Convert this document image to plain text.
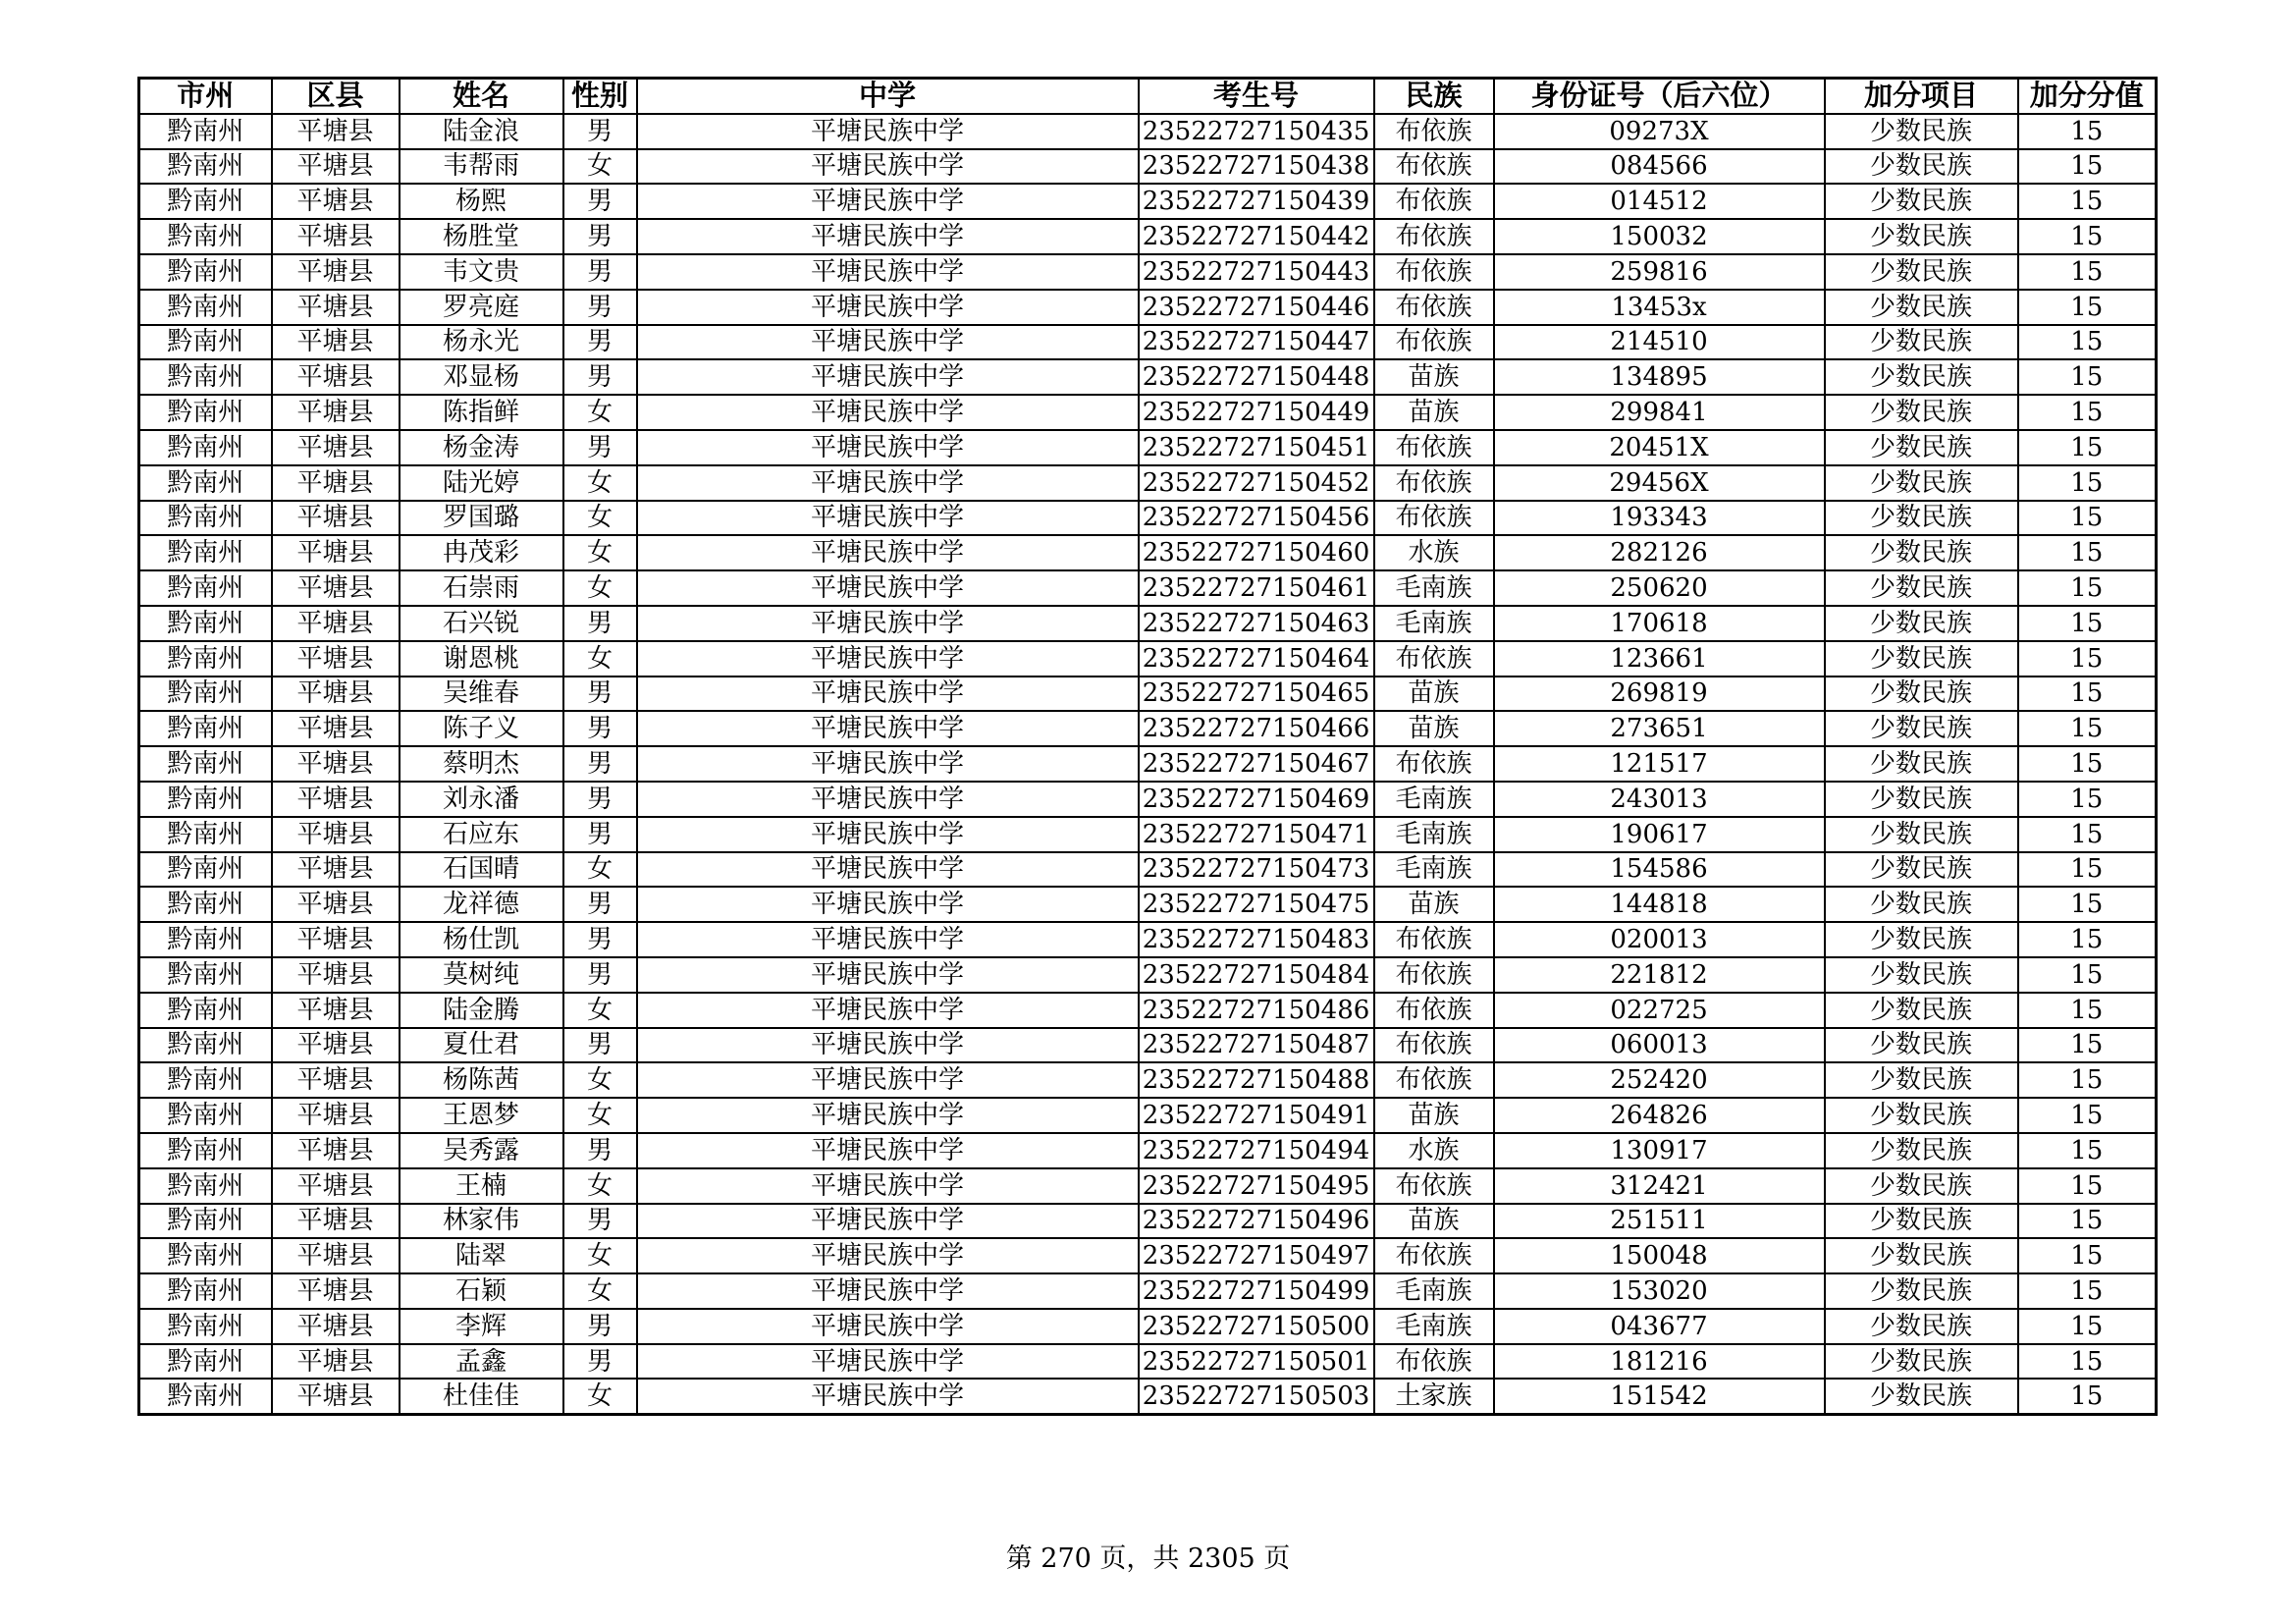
市州	区县	姓名	性别	中学	考生号	民族	身份证号（后六位）	加分项目	加分分值
黔南州	平塘县	陆金浪	男	平塘民族中学	23522727150435	布依族	09273X	少数民族	15
黔南州	平塘县	韦帮雨	女	平塘民族中学	23522727150438	布依族	084566	少数民族	15
黔南州	平塘县	杨熙	男	平塘民族中学	23522727150439	布依族	014512	少数民族	15
黔南州	平塘县	杨胜堂	男	平塘民族中学	23522727150442	布依族	150032	少数民族	15
黔南州	平塘县	韦文贵	男	平塘民族中学	23522727150443	布依族	259816	少数民族	15
黔南州	平塘县	罗亮庭	男	平塘民族中学	23522727150446	布依族	13453x	少数民族	15
黔南州	平塘县	杨永光	男	平塘民族中学	23522727150447	布依族	214510	少数民族	15
黔南州	平塘县	邓显杨	男	平塘民族中学	23522727150448	苗族	134895	少数民族	15
黔南州	平塘县	陈指鲜	女	平塘民族中学	23522727150449	苗族	299841	少数民族	15
黔南州	平塘县	杨金涛	男	平塘民族中学	23522727150451	布依族	20451X	少数民族	15
黔南州	平塘县	陆光婷	女	平塘民族中学	23522727150452	布依族	29456X	少数民族	15
黔南州	平塘县	罗国璐	女	平塘民族中学	23522727150456	布依族	193343	少数民族	15
黔南州	平塘县	冉茂彩	女	平塘民族中学	23522727150460	水族	282126	少数民族	15
黔南州	平塘县	石崇雨	女	平塘民族中学	23522727150461	毛南族	250620	少数民族	15
黔南州	平塘县	石兴锐	男	平塘民族中学	23522727150463	毛南族	170618	少数民族	15
黔南州	平塘县	谢恩桃	女	平塘民族中学	23522727150464	布依族	123661	少数民族	15
黔南州	平塘县	吴维春	男	平塘民族中学	23522727150465	苗族	269819	少数民族	15
黔南州	平塘县	陈子义	男	平塘民族中学	23522727150466	苗族	273651	少数民族	15
黔南州	平塘县	蔡明杰	男	平塘民族中学	23522727150467	布依族	121517	少数民族	15
黔南州	平塘县	刘永潘	男	平塘民族中学	23522727150469	毛南族	243013	少数民族	15
黔南州	平塘县	石应东	男	平塘民族中学	23522727150471	毛南族	190617	少数民族	15
黔南州	平塘县	石国晴	女	平塘民族中学	23522727150473	毛南族	154586	少数民族	15
黔南州	平塘县	龙祥德	男	平塘民族中学	23522727150475	苗族	144818	少数民族	15
黔南州	平塘县	杨仕凯	男	平塘民族中学	23522727150483	布依族	020013	少数民族	15
黔南州	平塘县	莫树纯	男	平塘民族中学	23522727150484	布依族	221812	少数民族	15
黔南州	平塘县	陆金腾	女	平塘民族中学	23522727150486	布依族	022725	少数民族	15
黔南州	平塘县	夏仕君	男	平塘民族中学	23522727150487	布依族	060013	少数民族	15
黔南州	平塘县	杨陈茜	女	平塘民族中学	23522727150488	布依族	252420	少数民族	15
黔南州	平塘县	王恩梦	女	平塘民族中学	23522727150491	苗族	264826	少数民族	15
黔南州	平塘县	吴秀露	男	平塘民族中学	23522727150494	水族	130917	少数民族	15
黔南州	平塘县	王楠	女	平塘民族中学	23522727150495	布依族	312421	少数民族	15
黔南州	平塘县	林家伟	男	平塘民族中学	23522727150496	苗族	251511	少数民族	15
黔南州	平塘县	陆翠	女	平塘民族中学	23522727150497	布依族	150048	少数民族	15
黔南州	平塘县	石颖	女	平塘民族中学	23522727150499	毛南族	153020	少数民族	15
黔南州	平塘县	李辉	男	平塘民族中学	23522727150500	毛南族	043677	少数民族	15
黔南州	平塘县	孟鑫	男	平塘民族中学	23522727150501	布依族	181216	少数民族	15
黔南州	平塘县	杜佳佳	女	平塘民族中学	23522727150503	土家族	151542	少数民族	15
第 270 页，共 2305 页
